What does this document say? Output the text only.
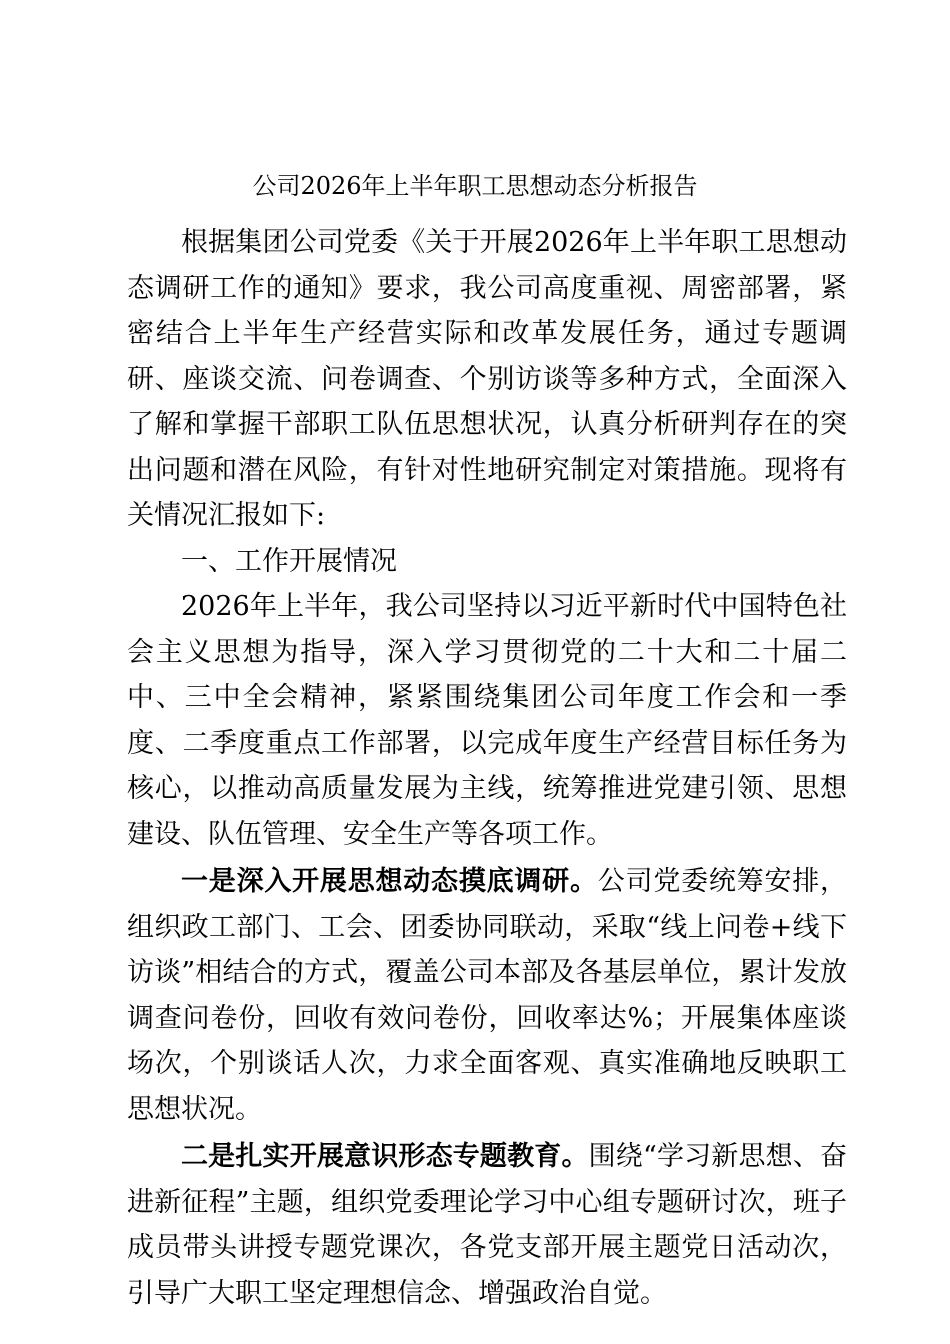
公司2026年上半年职工思想动态分析报告

根据集团公司党委《关于开展2026年上半年职工思想动态调研工作的通知》要求，我公司高度重视、周密部署，紧密结合上半年生产经营实际和改革发展任务，通过专题调研、座谈交流、问卷调查、个别访谈等多种方式，全面深入了解和掌握干部职工队伍思想状况，认真分析研判存在的突出问题和潜在风险，有针对性地研究制定对策措施。现将有关情况汇报如下:

一、工作开展情况

2026年上半年，我公司坚持以习近平新时代中国特色社会主义思想为指导，深入学习贯彻党的二十大和二十届二中、三中全会精神，紧紧围绕集团公司年度工作会和一季度、二季度重点工作部署，以完成年度生产经营目标任务为核心，以推动高质量发展为主线，统筹推进党建引领、思想建设、队伍管理、安全生产等各项工作。

一是深入开展思想动态摸底调研。公司党委统筹安排，组织政工部门、工会、团委协同联动，采取“线上问卷+线下访谈”相结合的方式，覆盖公司本部及各基层单位，累计发放调查问卷份，回收有效问卷份，回收率达%；开展集体座谈场次，个别谈话人次，力求全面客观、真实准确地反映职工思想状况。

二是扎实开展意识形态专题教育。围绕“学习新思想、奋进新征程”主题，组织党委理论学习中心组专题研讨次，班子成员带头讲授专题党课次，各党支部开展主题党日活动次，引导广大职工坚定理想信念、增强政治自觉。
